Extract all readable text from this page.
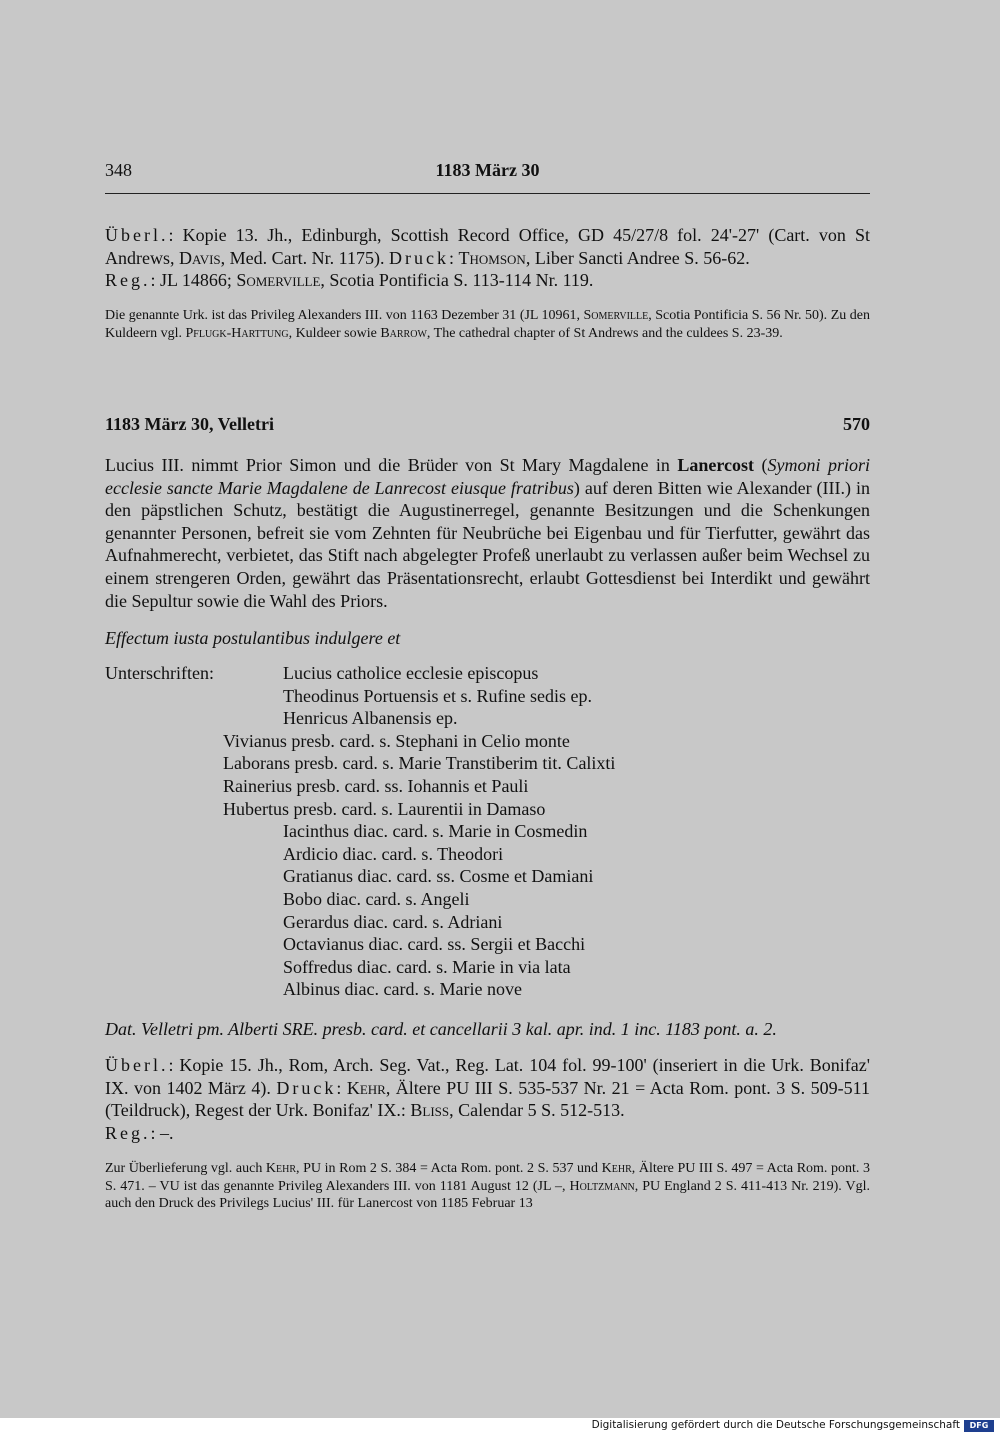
348	1183 März 30
Überl.: Kopie 13. Jh., Edinburgh, Scottish Record Office, GD 45/27/8 fol. 24'-27' (Cart. von St Andrews, Davis, Med. Cart. Nr. 1175). Druck: Thomson, Liber Sancti Andree S. 56-62.
Reg.: JL 14866; Somerville, Scotia Pontificia S. 113-114 Nr. 119.
Die genannte Urk. ist das Privileg Alexanders III. von 1163 Dezember 31 (JL 10961, Somerville, Scotia Pontificia S. 56 Nr. 50). Zu den Kuldeern vgl. Pflugk-Harttung, Kuldeer sowie Barrow, The cathedral chapter of St Andrews and the culdees S. 23-39.
1183 März 30, Velletri	570
Lucius III. nimmt Prior Simon und die Brüder von St Mary Magdalene in Lanercost (Symoni priori ecclesie sancte Marie Magdalene de Lanrecost eiusque fratribus) auf deren Bitten wie Alexander (III.) in den päpstlichen Schutz, bestätigt die Augustinerregel, genannte Besitzungen und die Schenkungen genannter Personen, befreit sie vom Zehnten für Neubrüche bei Eigenbau und für Tierfutter, gewährt das Aufnahmerecht, verbietet, das Stift nach abgelegter Profeß unerlaubt zu verlassen außer beim Wechsel zu einem strengeren Orden, gewährt das Präsentationsrecht, erlaubt Gottesdienst bei Interdikt und gewährt die Sepultur sowie die Wahl des Priors.
Effectum iusta postulantibus indulgere et
Unterschriften:	Lucius catholice ecclesie episcopus
Theodinus Portuensis et s. Rufine sedis ep.
Henricus Albanensis ep.
Vivianus presb. card. s. Stephani in Celio monte
Laborans presb. card. s. Marie Transtiberim tit. Calixti
Rainerius presb. card. ss. Iohannis et Pauli
Hubertus presb. card. s. Laurentii in Damaso
Iacinthus diac. card. s. Marie in Cosmedin
Ardicio diac. card. s. Theodori
Gratianus diac. card. ss. Cosme et Damiani
Bobo diac. card. s. Angeli
Gerardus diac. card. s. Adriani
Octavianus diac. card. ss. Sergii et Bacchi
Soffredus diac. card. s. Marie in via lata
Albinus diac. card. s. Marie nove
Dat. Velletri pm. Alberti SRE. presb. card. et cancellarii 3 kal. apr. ind. 1 inc. 1183 pont. a. 2.
Überl.: Kopie 15. Jh., Rom, Arch. Seg. Vat., Reg. Lat. 104 fol. 99-100' (inseriert in die Urk. Bonifaz' IX. von 1402 März 4). Druck: Kehr, Ältere PU III S. 535-537 Nr. 21 = Acta Rom. pont. 3 S. 509-511 (Teildruck), Regest der Urk. Bonifaz' IX.: Bliss, Calendar 5 S. 512-513.
Reg.: –.
Zur Überlieferung vgl. auch Kehr, PU in Rom 2 S. 384 = Acta Rom. pont. 2 S. 537 und Kehr, Ältere PU III S. 497 = Acta Rom. pont. 3 S. 471. – VU ist das genannte Privileg Alexanders III. von 1181 August 12 (JL –, Holtzmann, PU England 2 S. 411-413 Nr. 219). Vgl. auch den Druck des Privilegs Lucius' III. für Lanercost von 1185 Februar 13
Digitalisierung gefördert durch die Deutsche Forschungsgemeinschaft	DFG
